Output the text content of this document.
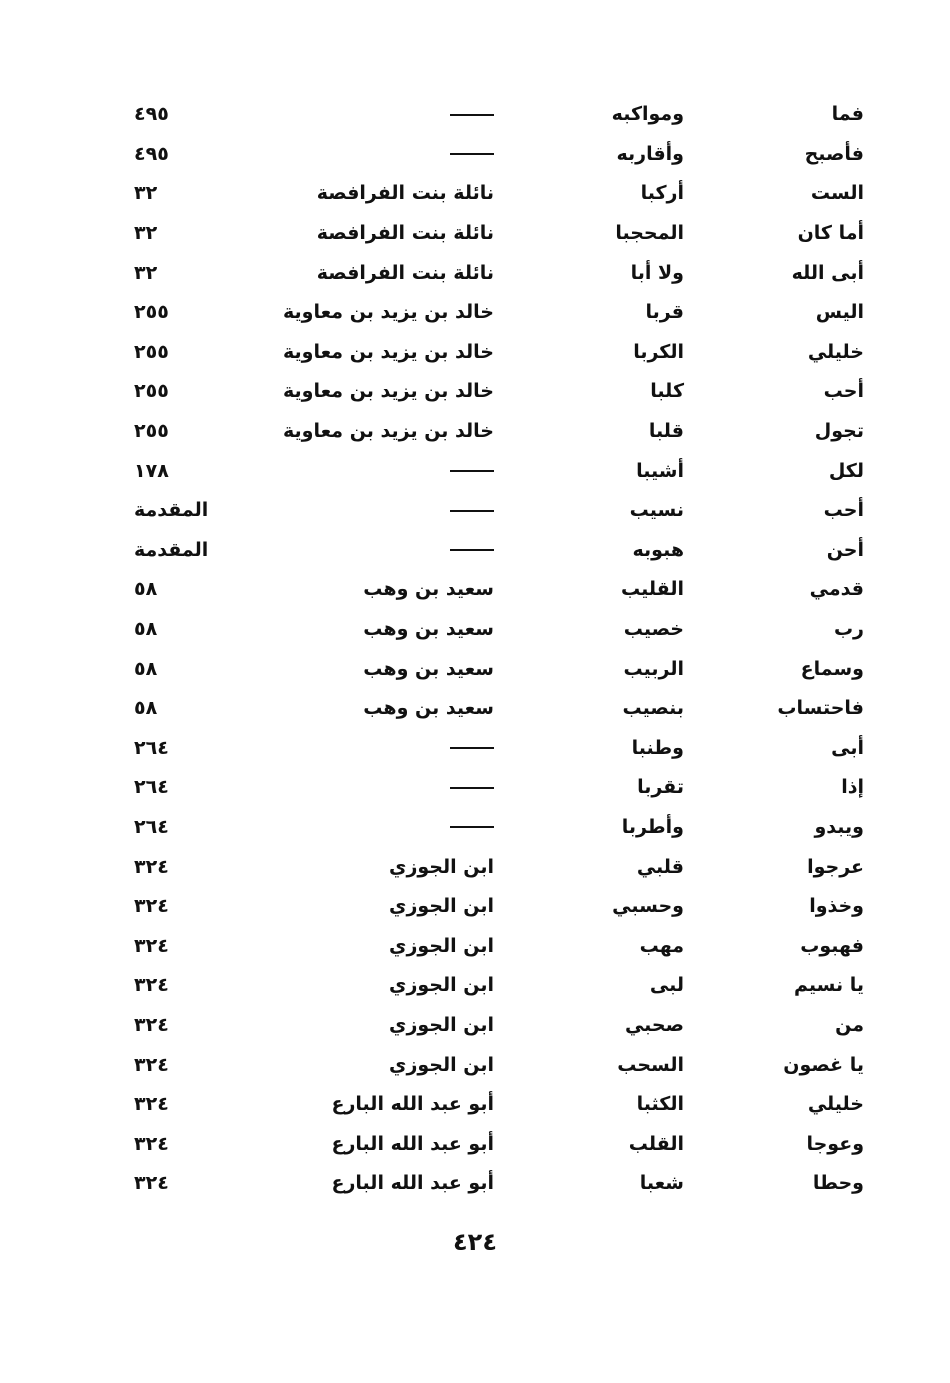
فما	ومواكبه		٤٩٥
فأصبح	وأقاربه		٤٩٥
الست	أركبا	نائلة بنت الفرافصة	٣٢
أما كان	المحجبا	نائلة بنت الفرافصة	٣٢
أبى الله	ولا أبا	نائلة بنت الفرافصة	٣٢
اليس	قربا	خالد بن يزيد بن معاوية	٢٥٥
خليلي	الكربا	خالد بن يزيد بن معاوية	٢٥٥
أحب	كلبا	خالد بن يزيد بن معاوية	٢٥٥
تجول	قلبا	خالد بن يزيد بن معاوية	٢٥٥
لكل	أشيبا		١٧٨
أحب	نسيب		المقدمة
أحن	هبوبه		المقدمة
قدمي	القليب	سعيد بن وهب	٥٨
رب	خصيب	سعيد بن وهب	٥٨
وسماع	الربيب	سعيد بن وهب	٥٨
فاحتساب	بنصيب	سعيد بن وهب	٥٨
أبى	وطنبا		٢٦٤
إذا	تقربا		٢٦٤
ويبدو	وأطربا		٢٦٤
عرجوا	قلبي	ابن الجوزي	٣٢٤
وخذوا	وحسبي	ابن الجوزي	٣٢٤
فهبوب	مهب	ابن الجوزي	٣٢٤
يا نسيم	لبى	ابن الجوزي	٣٢٤
من	صحبي	ابن الجوزي	٣٢٤
يا غصون	السحب	ابن الجوزي	٣٢٤
خليلي	الكثبا	أبو عبد الله البارع	٣٢٤
وعوجا	القلب	أبو عبد الله البارع	٣٢٤
وحطا	شعبا	أبو عبد الله البارع	٣٢٤
٤٢٤
